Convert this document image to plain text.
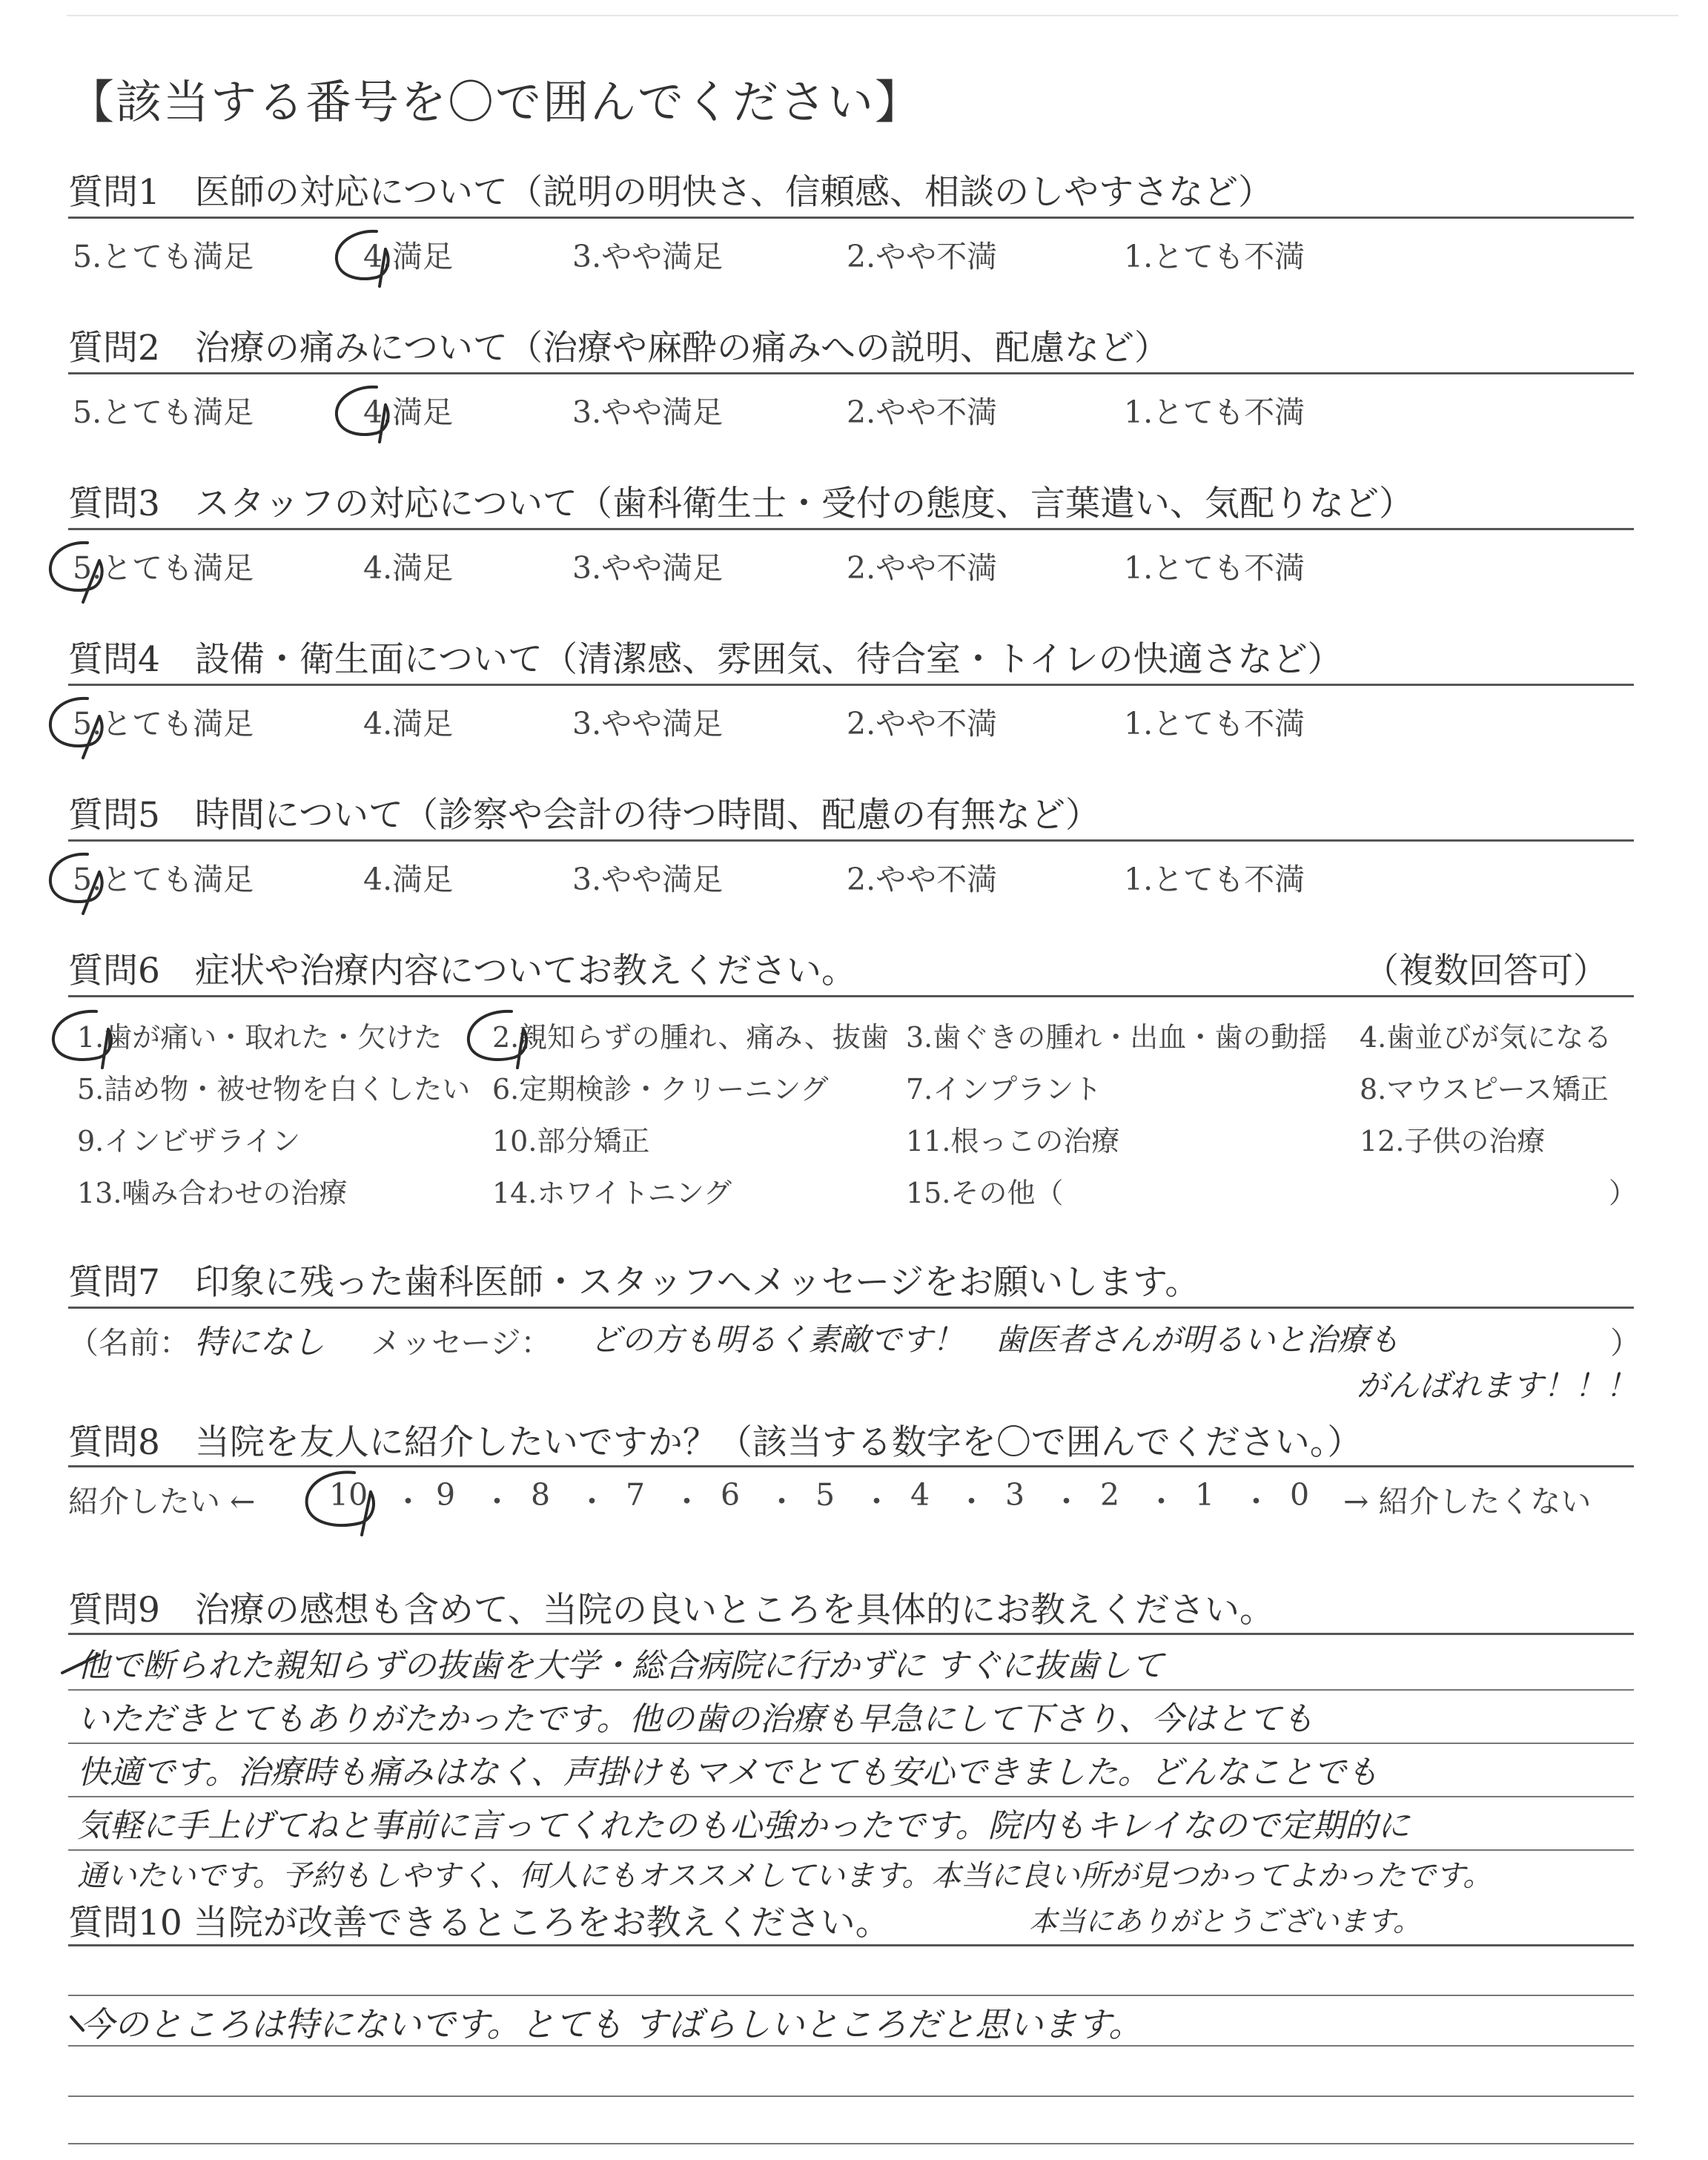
【該当する番号を〇で囲んでください】
質問1　医師の対応について（説明の明快さ、信頼感、相談のしやすさなど）
5.とても満足	4.満足	3.やや満足	2.やや不満	1.とても不満
質問2　治療の痛みについて（治療や麻酔の痛みへの説明、配慮など）
5.とても満足	4.満足	3.やや満足	2.やや不満	1.とても不満
質問3　スタッフの対応について（歯科衛生士・受付の態度、言葉遣い、気配りなど）
5.とても満足	4.満足	3.やや満足	2.やや不満	1.とても不満
質問4　設備・衛生面について（清潔感、雰囲気、待合室・トイレの快適さなど）
5.とても満足	4.満足	3.やや満足	2.やや不満	1.とても不満
質問5　時間について（診察や会計の待つ時間、配慮の有無など）
5.とても満足	4.満足	3.やや満足	2.やや不満	1.とても不満
質問6　症状や治療内容についてお教えください。	（複数回答可）
1.歯が痛い・取れた・欠けた 2.親知らずの腫れ、痛み、抜歯 3.歯ぐきの腫れ・出血・歯の動揺 4.歯並びが気になる
5.詰め物・被せ物を白くしたい 6.定期検診・クリーニング	7.インプラント	8.マウスピース矯正
9.インビザライン	10.部分矯正	11.根っこの治療	12.子供の治療
13.噛み合わせの治療	14.ホワイトニング	15.その他（	）
質問7　印象に残った歯科医師・スタッフへメッセージをお願いします。
（名前： 特になし メッセージ： どの方も明るく素敵です！　歯医者さんが明るいと治療も	）
がんばれます！！！
質問8　当院を友人に紹介したいですか？（該当する数字を〇で囲んでください。）
紹介したい ← 10 ・ 9 ・ 8 ・ 7 ・ 6 ・ 5 ・ 4 ・ 3 ・ 2 ・ 1 ・ 0 → 紹介したくない
質問9　治療の感想も含めて、当院の良いところを具体的にお教えください。
他で断られた親知らずの抜歯を大学・総合病院に行かずに すぐに抜歯して
いただきとてもありがたかったです。他の歯の治療も早急にして下さり、今はとても
快適です。治療時も痛みはなく、声掛けもマメでとても安心できました。どんなことでも
気軽に手上げてねと事前に言ってくれたのも心強かったです。院内もキレイなので定期的に
通いたいです。予約もしやすく、何人にもオススメしています。本当に良い所が見つかってよかったです。
本当にありがとうございます。
質問10 当院が改善できるところをお教えください。
今のところは特にないです。とても すばらしいところだと思います。
